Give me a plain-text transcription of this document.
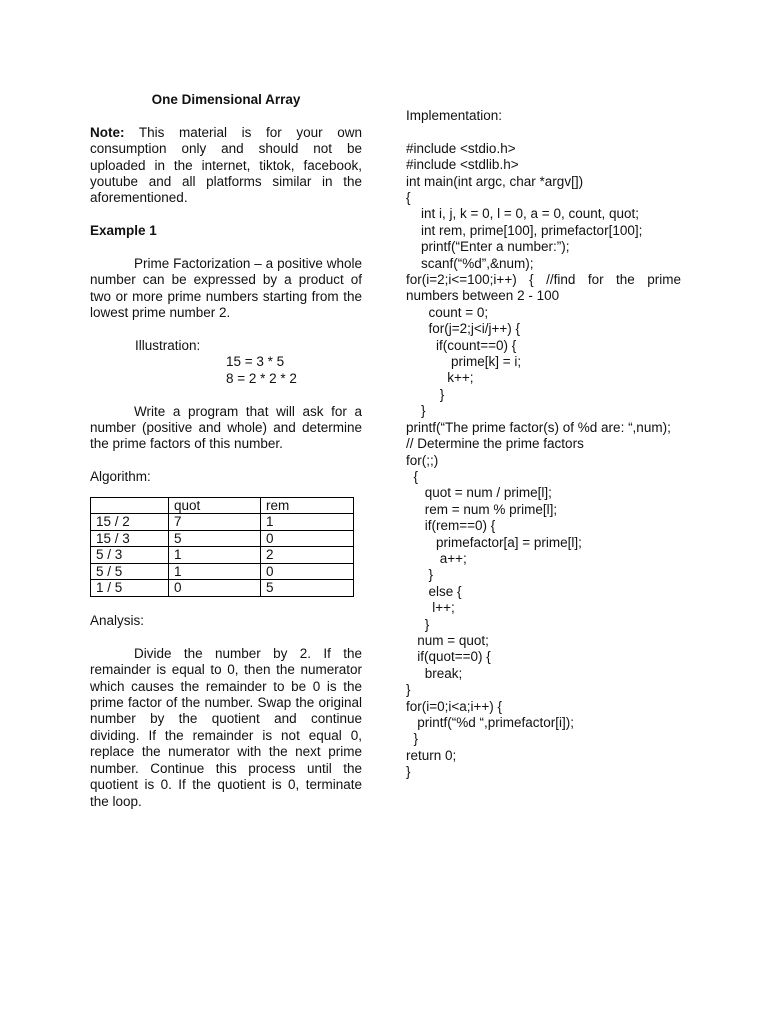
One Dimensional Array

Note: This material is for your own consumption only and should not be uploaded in the internet, tiktok, facebook, youtube and all platforms similar in the aforementioned.

Example 1

Prime Factorization – a positive whole number can be expressed by a product of two or more prime numbers starting from the lowest prime number 2.

Illustration:

15 = 3 * 5

8 = 2 * 2 * 2

Write a program that will ask for a number (positive and whole) and determine the prime factors of this number.

Algorithm:

	quot	rem
15 / 2	7	1
15 / 3	5	0
5 / 3	1	2
5 / 5	1	0
1 / 5	0	5

Analysis:

Divide the number by 2. If the remainder is equal to 0, then the numerator which causes the remainder to be 0 is the prime factor of the number. Swap the original number by the quotient and continue dividing. If the remainder is not equal 0, replace the numerator with the next prime number. Continue this process until the quotient is 0. If the quotient is 0, terminate the loop.

Implementation:

#include <stdio.h>

#include <stdlib.h>

int main(int argc, char *argv[])

{

int i, j, k = 0, l = 0, a = 0, count, quot;

int rem, prime[100], primefactor[100];

printf(“Enter a number:”);

scanf(“%d”,&num);

for(i=2;i<=100;i++) { //find for the prime numbers between 2 - 100

count = 0;

for(j=2;j<i/j++) {

if(count==0) {

prime[k] = i;

k++;

}

}

printf(“The prime factor(s) of %d are: “,num);

// Determine the prime factors

for(;;)

{

quot = num / prime[l];

rem = num % prime[l];

if(rem==0) {

primefactor[a] = prime[l];

a++;

}

else {

l++;

}

num = quot;

if(quot==0) {

break;

}

for(i=0;i<a;i++) {

printf(“%d “,primefactor[i]);

}

return 0;

}
